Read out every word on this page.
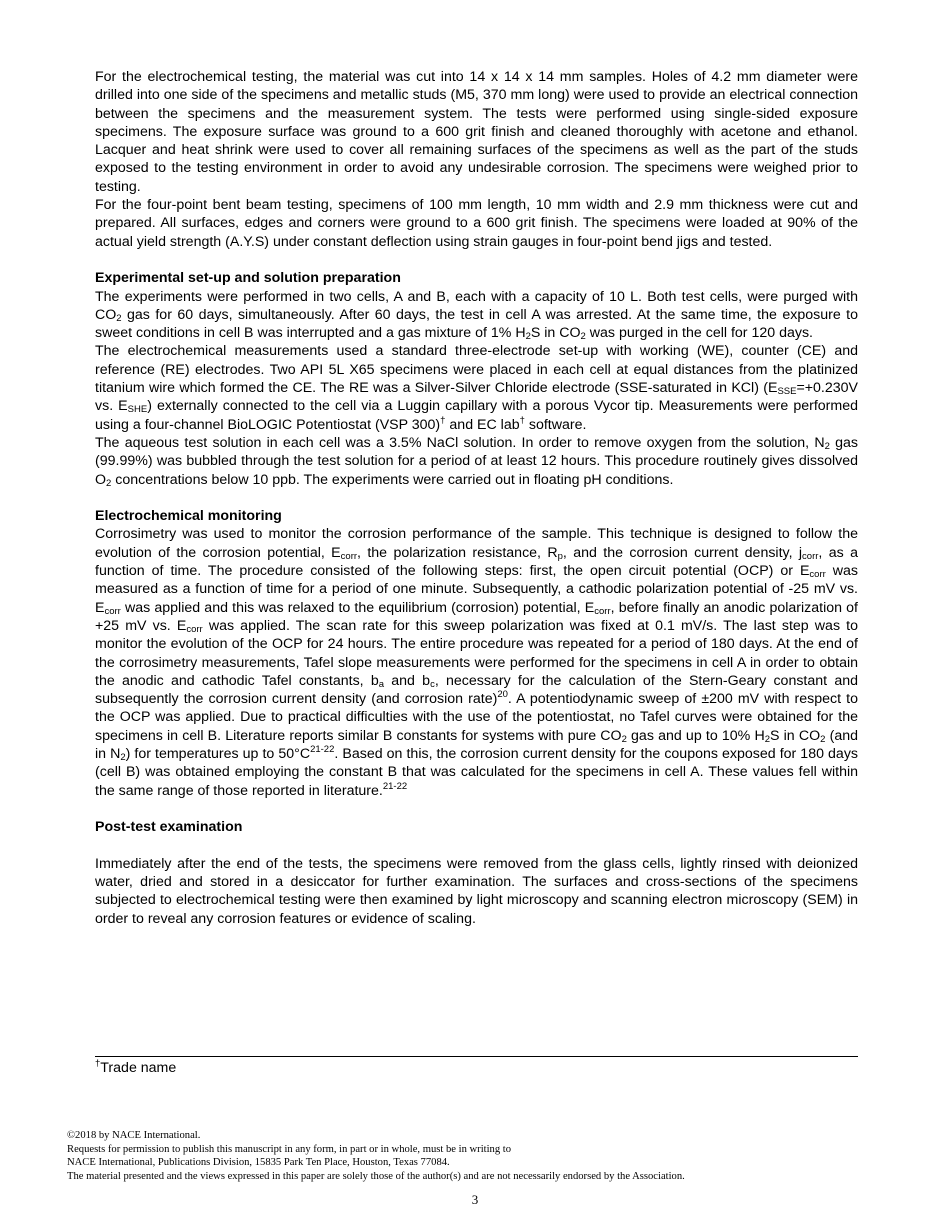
For the electrochemical testing, the material was cut into 14 x 14 x 14 mm samples. Holes of 4.2 mm diameter were drilled into one side of the specimens and metallic studs (M5, 370 mm long) were used to provide an electrical connection between the specimens and the measurement system. The tests were performed using single-sided exposure specimens. The exposure surface was ground to a 600 grit finish and cleaned thoroughly with acetone and ethanol. Lacquer and heat shrink were used to cover all remaining surfaces of the specimens as well as the part of the studs exposed to the testing environment in order to avoid any undesirable corrosion. The specimens were weighed prior to testing.

For the four-point bent beam testing, specimens of 100 mm length, 10 mm width and 2.9 mm thickness were cut and prepared. All surfaces, edges and corners were ground to a 600 grit finish. The specimens were loaded at 90% of the actual yield strength (A.Y.S) under constant deflection using strain gauges in four-point bend jigs and tested.

Experimental set-up and solution preparation

The experiments were performed in two cells, A and B, each with a capacity of 10 L. Both test cells, were purged with $CO_2$ gas for 60 days, simultaneously. After 60 days, the test in cell A was arrested. At the same time, the exposure to sweet conditions in cell B was interrupted and a gas mixture of 1% $H_2S$ in $CO_2$ was purged in the cell for 120 days.

The electrochemical measurements used a standard three-electrode set-up with working (WE), counter (CE) and reference (RE) electrodes. Two API 5L X65 specimens were placed in each cell at equal distances from the platinized titanium wire which formed the CE. The RE was a Silver-Silver Chloride electrode (SSE-saturated in KCl) ($E_{SSE}=+0.230V$ vs. $E_{SHE}$) externally connected to the cell via a Luggin capillary with a porous Vycor tip. Measurements were performed using a four-channel BioLOGIC Potentiostat (VSP 300)† and EC lab† software.

The aqueous test solution in each cell was a 3.5% NaCl solution. In order to remove oxygen from the solution, $N_2$ gas (99.99%) was bubbled through the test solution for a period of at least 12 hours. This procedure routinely gives dissolved $O_2$ concentrations below 10 ppb. The experiments were carried out in floating pH conditions.

Electrochemical monitoring

Corrosimetry was used to monitor the corrosion performance of the sample. This technique is designed to follow the evolution of the corrosion potential, $E_{corr}$, the polarization resistance, $R_p$, and the corrosion current density, $j_{corr}$, as a function of time. The procedure consisted of the following steps: first, the open circuit potential (OCP) or $E_{corr}$ was measured as a function of time for a period of one minute. Subsequently, a cathodic polarization potential of -25 mV vs. $E_{corr}$ was applied and this was relaxed to the equilibrium (corrosion) potential, $E_{corr}$, before finally an anodic polarization of +25 mV vs. $E_{corr}$ was applied. The scan rate for this sweep polarization was fixed at 0.1 mV/s. The last step was to monitor the evolution of the OCP for 24 hours. The entire procedure was repeated for a period of 180 days. At the end of the corrosimetry measurements, Tafel slope measurements were performed for the specimens in cell A in order to obtain the anodic and cathodic Tafel constants, $b_a$ and $b_c$, necessary for the calculation of the Stern-Geary constant and subsequently the corrosion current density (and corrosion rate)$^{20}$. A potentiodynamic sweep of ±200 mV with respect to the OCP was applied. Due to practical difficulties with the use of the potentiostat, no Tafel curves were obtained for the specimens in cell B. Literature reports similar B constants for systems with pure $CO_2$ gas and up to 10% $H_2S$ in $CO_2$ (and in $N_2$) for temperatures up to $50^\circ C^{21-22}$. Based on this, the corrosion current density for the coupons exposed for 180 days (cell B) was obtained employing the constant B that was calculated for the specimens in cell A. These values fell within the same range of those reported in literature.$^{21-22}$

Post-test examination

Immediately after the end of the tests, the specimens were removed from the glass cells, lightly rinsed with deionized water, dried and stored in a desiccator for further examination. The surfaces and cross-sections of the specimens subjected to electrochemical testing were then examined by light microscopy and scanning electron microscopy (SEM) in order to reveal any corrosion features or evidence of scaling.

†Trade name
©2018 by NACE International.
Requests for permission to publish this manuscript in any form, in part or in whole, must be in writing to
NACE International, Publications Division, 15835 Park Ten Place, Houston, Texas 77084.
The material presented and the views expressed in this paper are solely those of the author(s) and are not necessarily endorsed by the Association.
3
